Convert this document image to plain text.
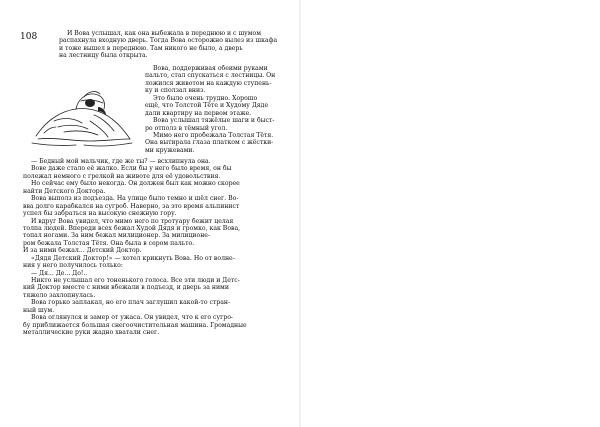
108	И Вова услышал, как она выбежала в переднюю и с шумом
распахнула входную дверь. Тогда Вова осторожно вылез из шкафа
и тоже вышел в переднюю. Там никого не было, а дверь
на лестницу была открыта.
Вова, поддерживая обеими руками
пальто, стал спускаться с лестницы. Он
ложился животом на каждую ступень-
ку и сползал вниз.
Это было очень трудно. Хорошо
ещё, что Толстой Тёте и Худому Дяде
дали квартиру на первом этаже.
Вова услышал тяжёлые шаги и быст-
ро отполз в тёмный угол.
Мимо него пробежала Толстая Тётя.
Она вытирала глаза платком с жёстки-
ми кружевами.
— Бедный мой мальчик, где же ты? — всхлипнула она.
Вове даже стало её жалко. Если бы у него было время, он бы
полежал немного с грелкой на животе для её удовольствия.
Но сейчас ему было некогда. Он должен был как можно скорее
найти Детского Доктора.
Вова выполз из подъезда. На улице было темно и шёл снег. Во-
вва долго карабкался на сугроб. Наверно, за это время альпинист
успел бы забраться на высокую снежную гору.
И вдруг Вова увидел, что мимо него по тротуару бежит целая
толпа людей. Впереди всех бежал Худой Дядя и громко, как Вова,
топал ногами. За ним бежал милиционер. За милиционе-
ром бежала Толстая Тётя. Она была в сером пальто.
И за ними бежал... Детский Доктор.
«Дядя Детский Доктор!» — хотел крикнуть Вова. Но от волне-
ния у него получилось только:
— Дя... Де... До!..
Никто не услышал его тоненького голоса. Все эти люди и Детс-
кий Доктор вместе с ними вбежали в подъезд, и дверь за ними
тяжело захлопнулась.
Вова горько заплакал, но его плач заглушил какой-то стран-
ный шум.
Вова оглянулся и замер от ужаса. Он увидел, что к его сугро-
бу приближается большая снегоочистительная машина. Громадные
металлические руки жадно хватали снег.
